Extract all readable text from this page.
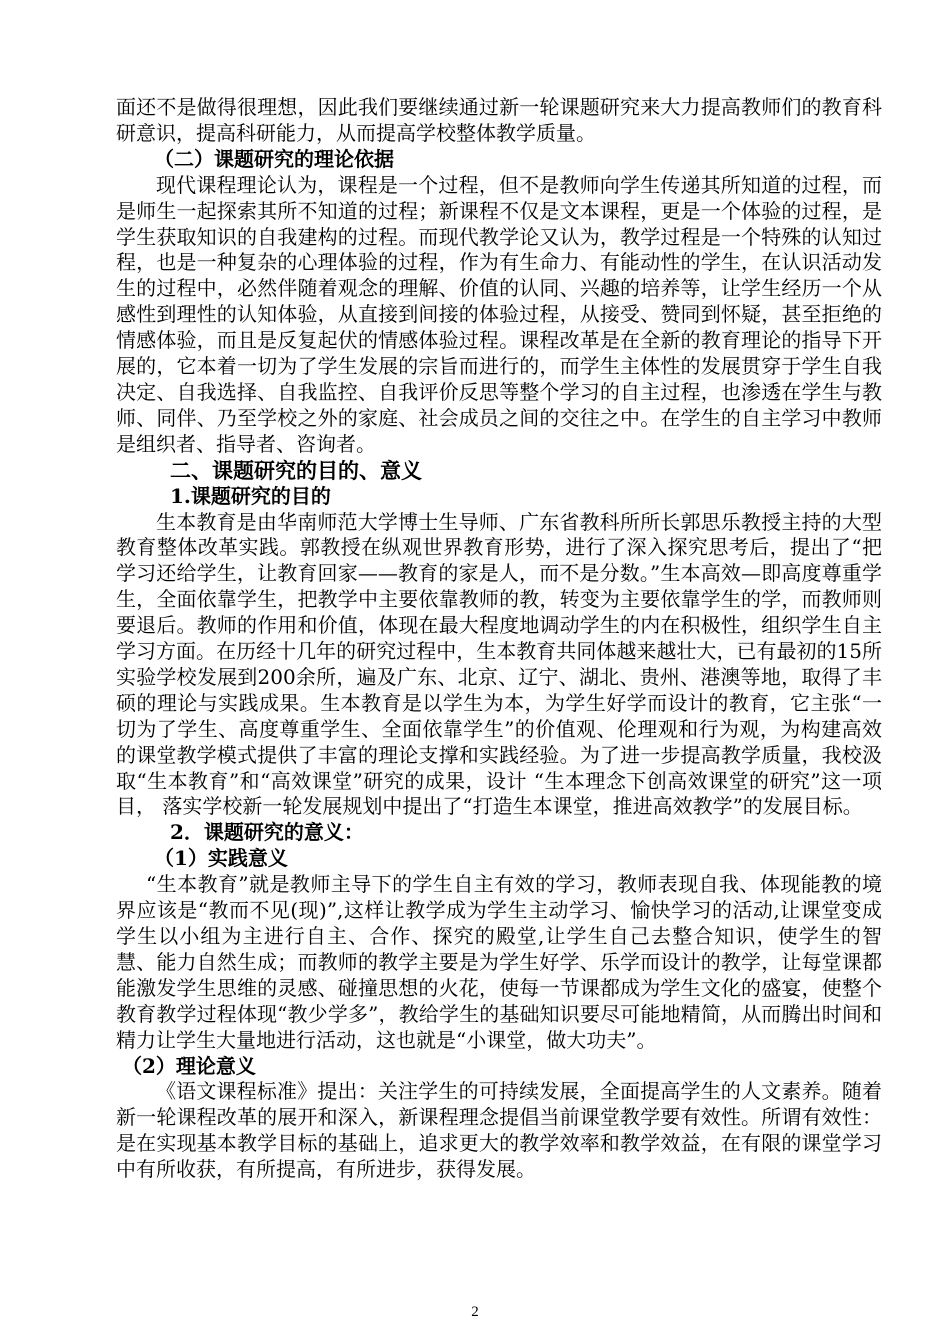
面还不是做得很理想，因此我们要继续通过新一轮课题研究来大力提高教师们的教育科研意识，提高科研能力，从而提高学校整体教学质量。

（二）课题研究的理论依据

现代课程理论认为，课程是一个过程，但不是教师向学生传递其所知道的过程，而是师生一起探索其所不知道的过程；新课程不仅是文本课程，更是一个体验的过程，是学生获取知识的自我建构的过程。而现代教学论又认为，教学过程是一个特殊的认知过程，也是一种复杂的心理体验的过程，作为有生命力、有能动性的学生，在认识活动发生的过程中，必然伴随着观念的理解、价值的认同、兴趣的培养等，让学生经历一个从感性到理性的认知体验，从直接到间接的体验过程，从接受、赞同到怀疑，甚至拒绝的情感体验，而且是反复起伏的情感体验过程。课程改革是在全新的教育理论的指导下开展的，它本着一切为了学生发展的宗旨而进行的，而学生主体性的发展贯穿于学生自我决定、自我选择、自我监控、自我评价反思等整个学习的自主过程，也渗透在学生与教师、同伴、乃至学校之外的家庭、社会成员之间的交往之中。在学生的自主学习中教师是组织者、指导者、咨询者。

二、课题研究的目的、意义

1.课题研究的目的

生本教育是由华南师范大学博士生导师、广东省教科所所长郭思乐教授主持的大型教育整体改革实践。郭教授在纵观世界教育形势，进行了深入探究思考后，提出了“把学习还给学生，让教育回家——教育的家是人，而不是分数。”生本高效—即高度尊重学生，全面依靠学生，把教学中主要依靠教师的教，转变为主要依靠学生的学，而教师则要退后。教师的作用和价值，体现在最大程度地调动学生的内在积极性，组织学生自主学习方面。在历经十几年的研究过程中，生本教育共同体越来越壮大，已有最初的15所实验学校发展到200余所，遍及广东、北京、辽宁、湖北、贵州、港澳等地，取得了丰硕的理论与实践成果。生本教育是以学生为本，为学生好学而设计的教育，它主张“一切为了学生、高度尊重学生、全面依靠学生”的价值观、伦理观和行为观，为构建高效的课堂教学模式提供了丰富的理论支撑和实践经验。为了进一步提高教学质量，我校汲取“生本教育”和“高效课堂”研究的成果，设计 “生本理念下创高效课堂的研究”这一项目， 落实学校新一轮发展规划中提出了“打造生本课堂，推进高效教学”的发展目标。

2．课题研究的意义：

（1）实践意义

“生本教育”就是教师主导下的学生自主有效的学习，教师表现自我、体现能教的境界应该是“教而不见(现)”,这样让教学成为学生主动学习、愉快学习的活动,让课堂变成学生以小组为主进行自主、合作、探究的殿堂,让学生自己去整合知识，使学生的智慧、能力自然生成；而教师的教学主要是为学生好学、乐学而设计的教学，让每堂课都能激发学生思维的灵感、碰撞思想的火花，使每一节课都成为学生文化的盛宴，使整个教育教学过程体现“教少学多”，教给学生的基础知识要尽可能地精简，从而腾出时间和精力让学生大量地进行活动，这也就是“小课堂，做大功夫”。

（2）理论意义

《语文课程标准》提出：关注学生的可持续发展，全面提高学生的人文素养。随着新一轮课程改革的展开和深入，新课程理念提倡当前课堂教学要有效性。所谓有效性：是在实现基本教学目标的基础上，追求更大的教学效率和教学效益，在有限的课堂学习中有所收获，有所提高，有所进步，获得发展。

2
